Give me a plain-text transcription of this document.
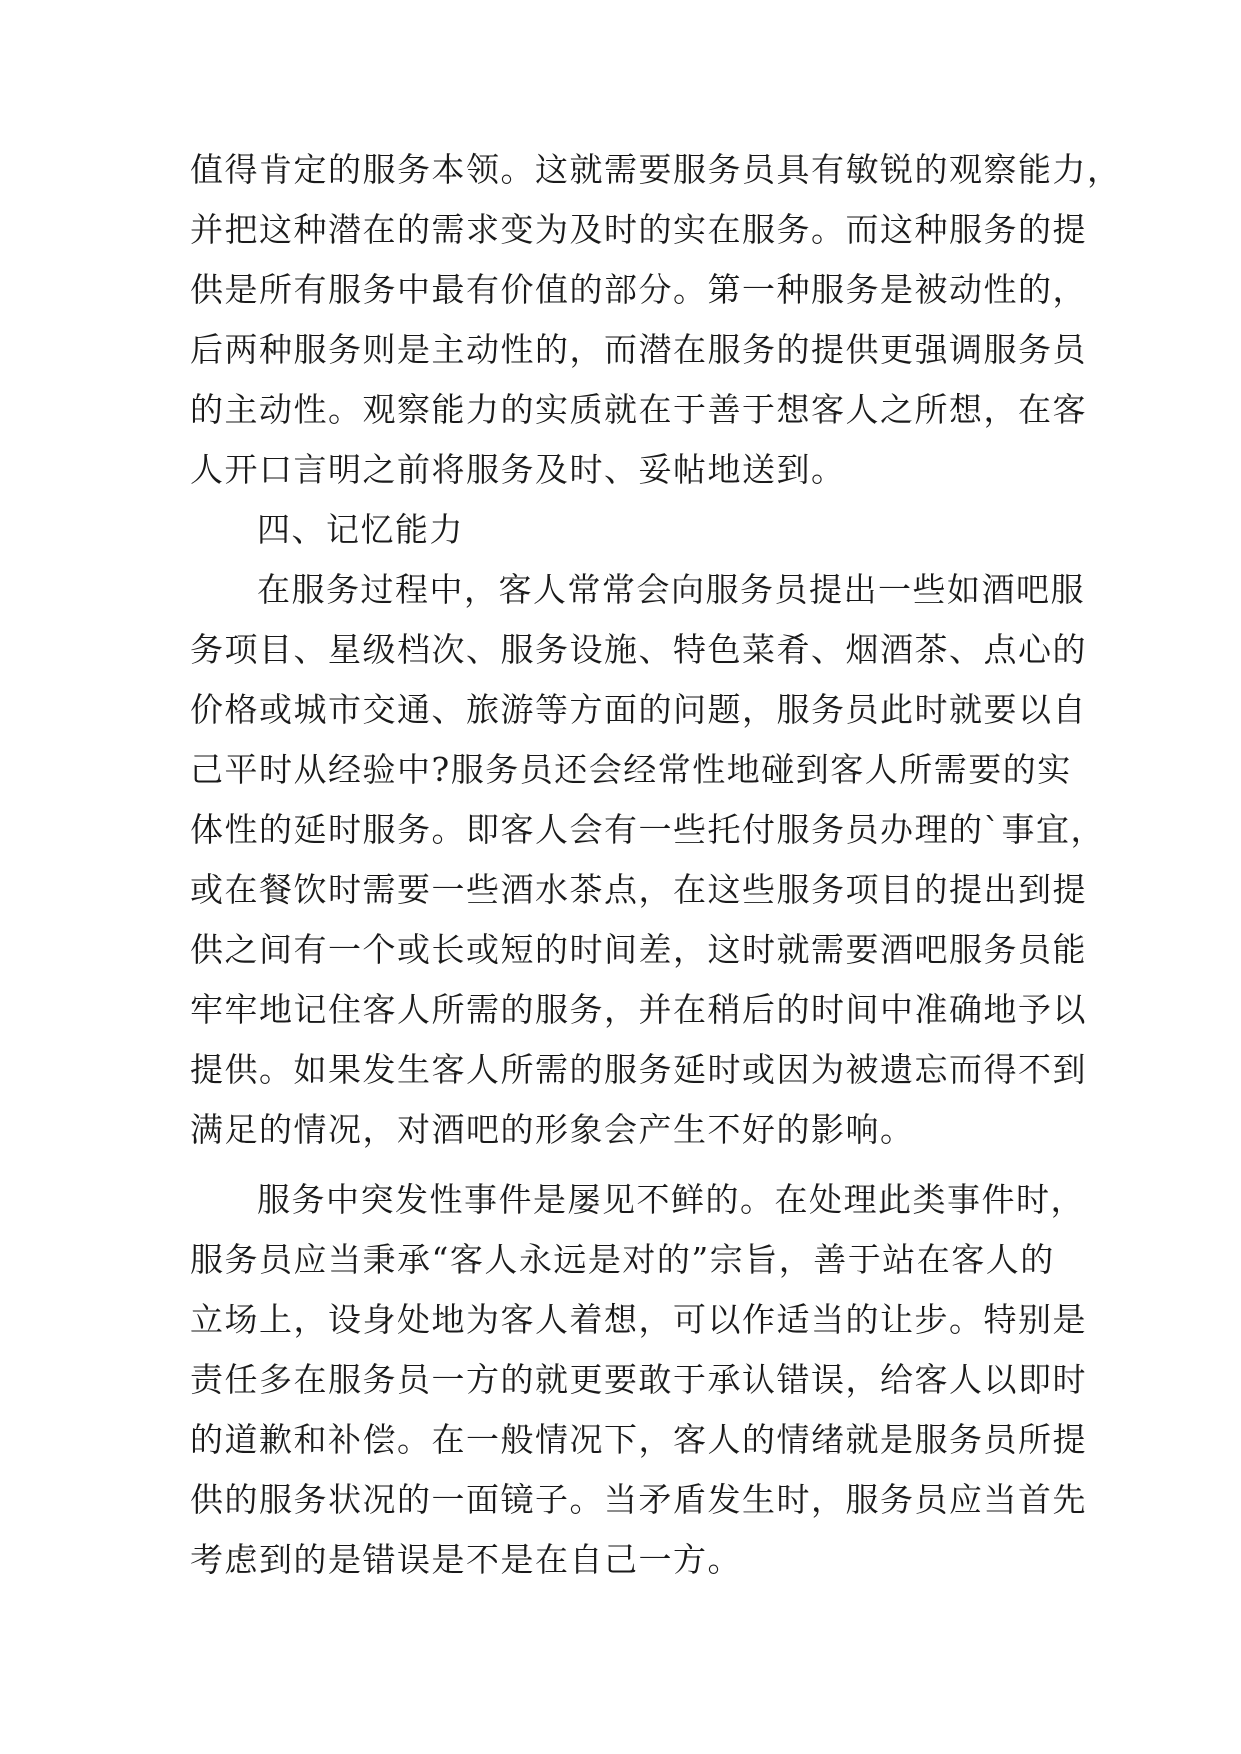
值得肯定的服务本领。这就需要服务员具有敏锐的观察能力，
并把这种潜在的需求变为及时的实在服务。而这种服务的提
供是所有服务中最有价值的部分。第一种服务是被动性的，
后两种服务则是主动性的，而潜在服务的提供更强调服务员
的主动性。观察能力的实质就在于善于想客人之所想，在客
人开口言明之前将服务及时、妥帖地送到。
四、记忆能力
在服务过程中，客人常常会向服务员提出一些如酒吧服
务项目、星级档次、服务设施、特色菜肴、烟酒茶、点心的
价格或城市交通、旅游等方面的问题，服务员此时就要以自
己平时从经验中?服务员还会经常性地碰到客人所需要的实
体性的延时服务。即客人会有一些托付服务员办理的`事宜，
或在餐饮时需要一些酒水茶点，在这些服务项目的提出到提
供之间有一个或长或短的时间差，这时就需要酒吧服务员能
牢牢地记住客人所需的服务，并在稍后的时间中准确地予以
提供。如果发生客人所需的服务延时或因为被遗忘而得不到
满足的情况，对酒吧的形象会产生不好的影响。
服务中突发性事件是屡见不鲜的。在处理此类事件时，
服务员应当秉承“客人永远是对的”宗旨，善于站在客人的
立场上，设身处地为客人着想，可以作适当的让步。特别是
责任多在服务员一方的就更要敢于承认错误，给客人以即时
的道歉和补偿。在一般情况下，客人的情绪就是服务员所提
供的服务状况的一面镜子。当矛盾发生时，服务员应当首先
考虑到的是错误是不是在自己一方。
